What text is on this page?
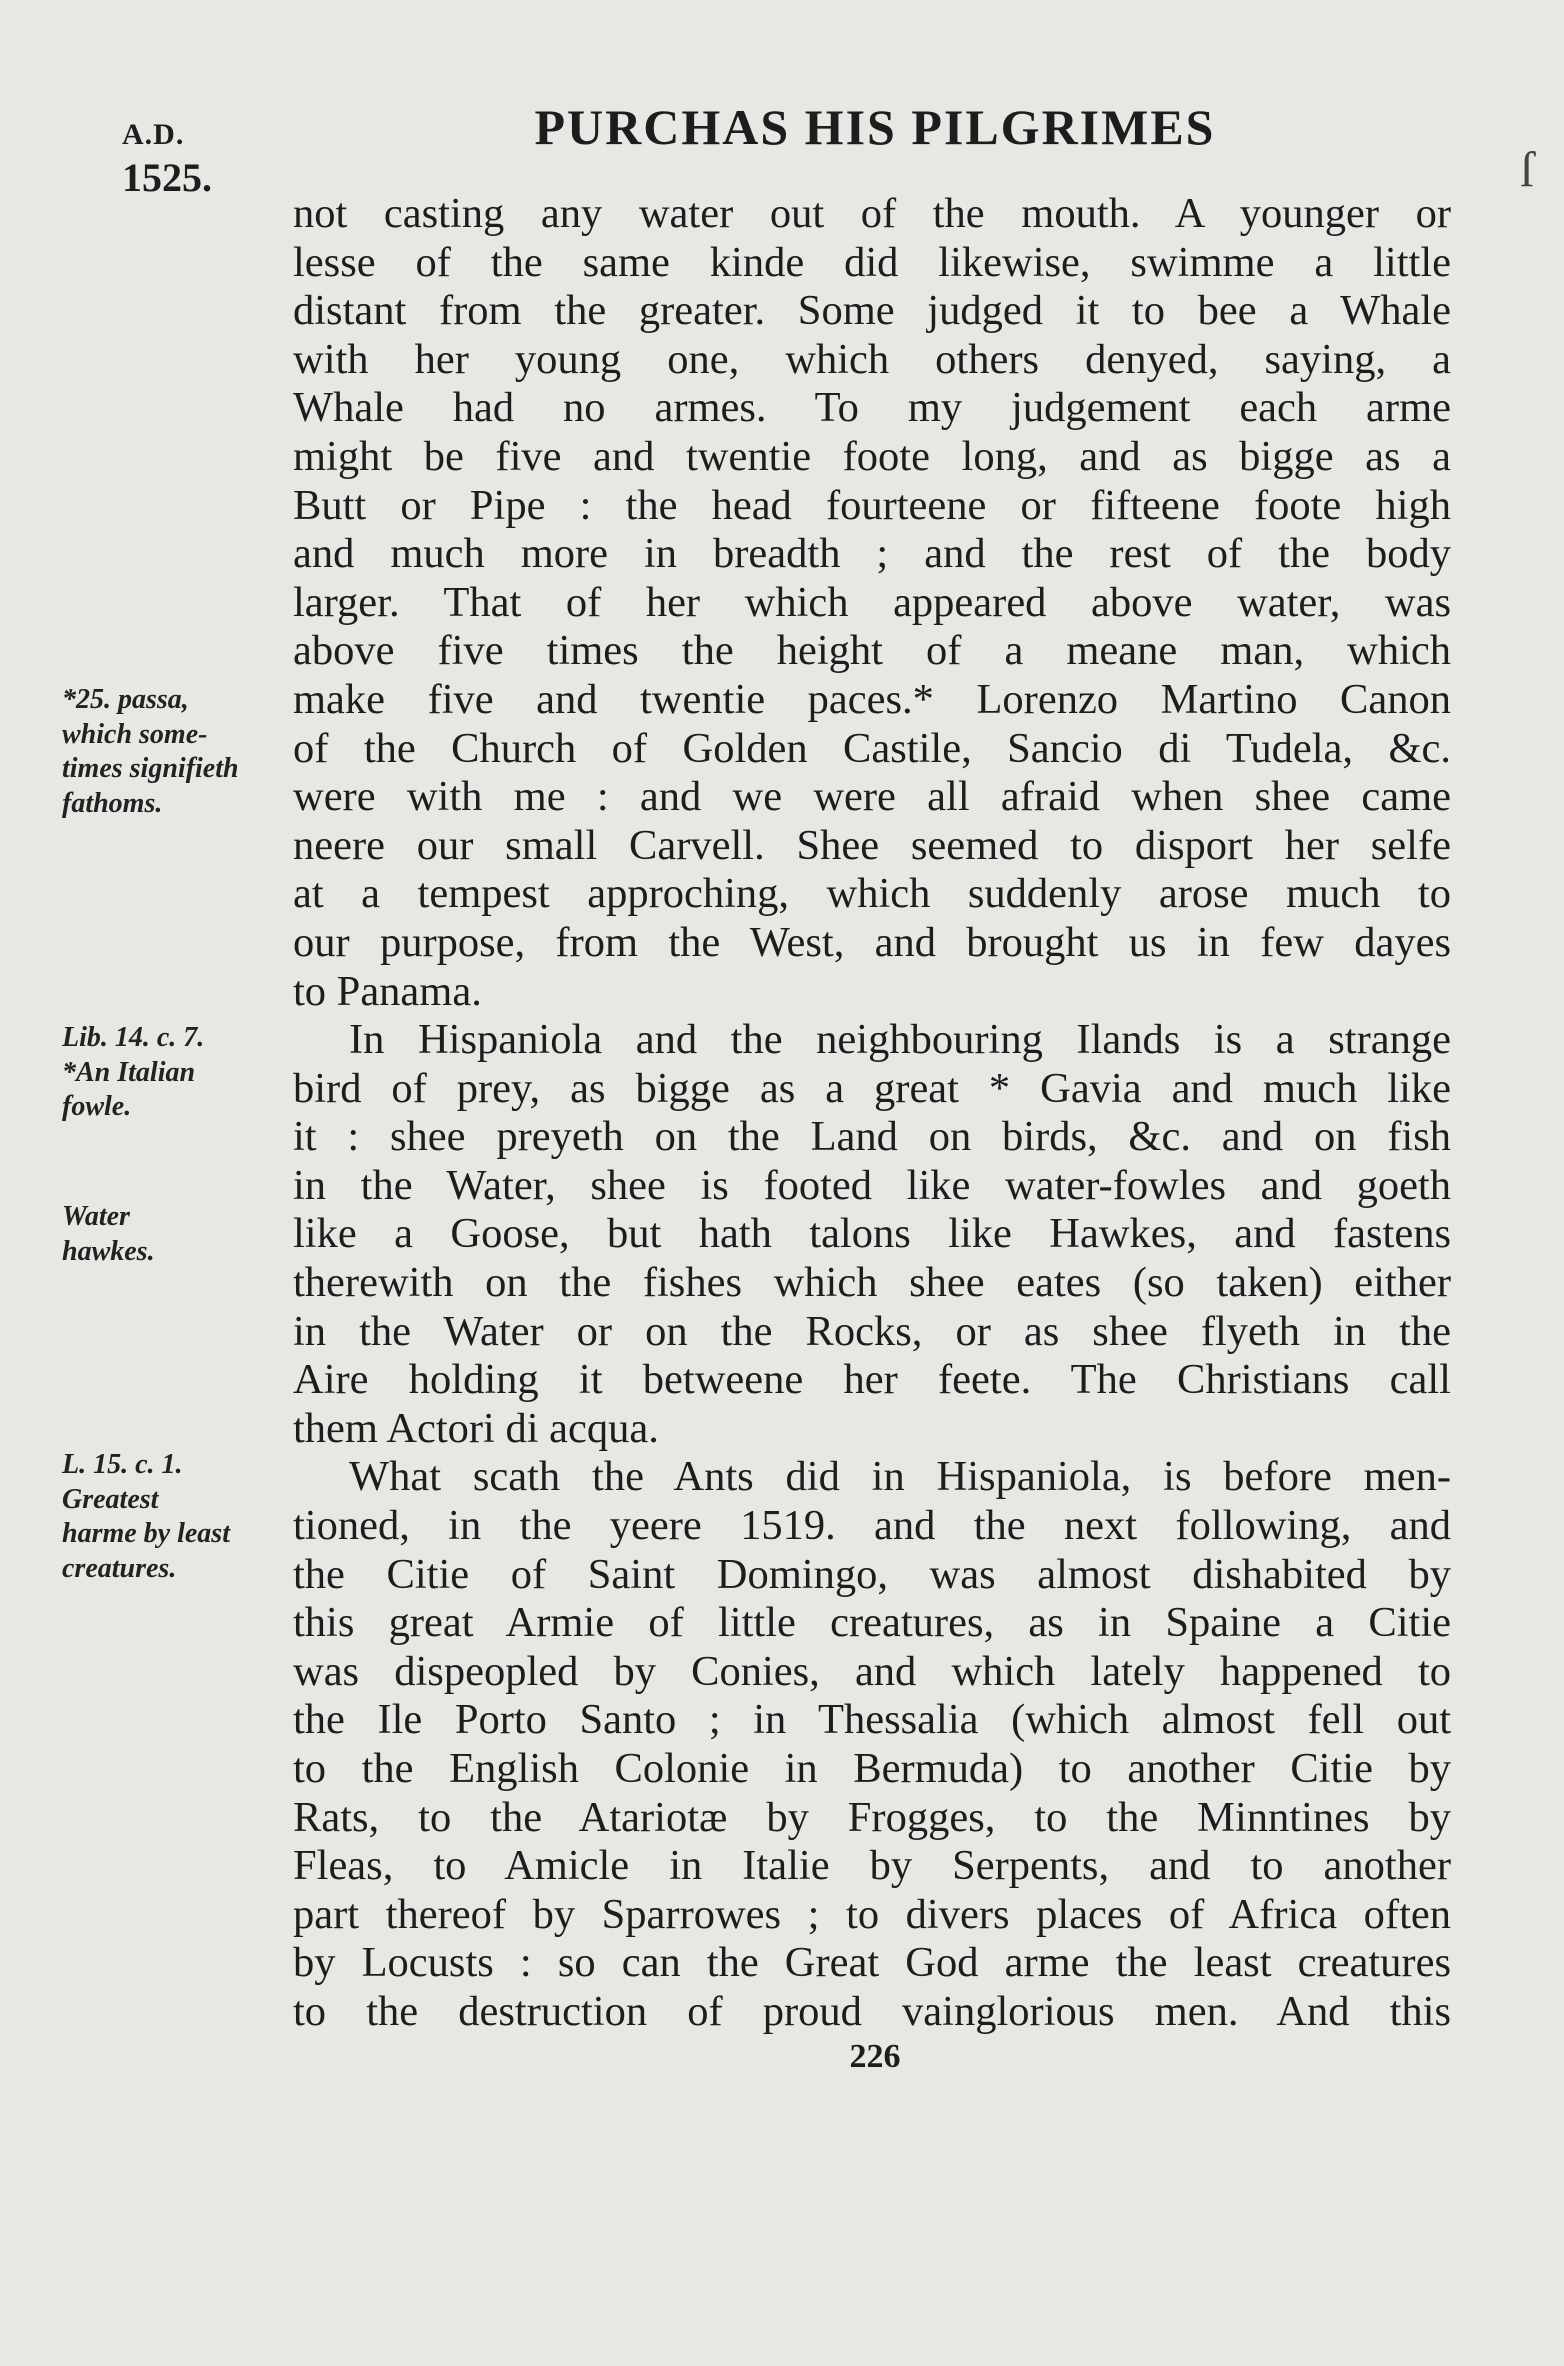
A.D.
1525.
PURCHAS HIS PILGRIMES
ſ
not casting any water out of the mouth. A younger or
lesse of the same kinde did likewise, swimme a little
distant from the greater. Some judged it to bee a Whale
with her young one, which others denyed, saying, a
Whale had no armes. To my judgement each arme
might be five and twentie foote long, and as bigge as a
Butt or Pipe : the head fourteene or fifteene foote high
and much more in breadth ; and the rest of the body
larger. That of her which appeared above water, was
above five times the height of a meane man, which
make five and twentie paces.* Lorenzo Martino Canon
of the Church of Golden Castile, Sancio di Tudela, &c.
were with me : and we were all afraid when shee came
neere our small Carvell. Shee seemed to disport her selfe
at a tempest approching, which suddenly arose much to
our purpose, from the West, and brought us in few dayes
to Panama.
In Hispaniola and the neighbouring Ilands is a strange
bird of prey, as bigge as a great * Gavia and much like
it : shee preyeth on the Land on birds, &c. and on fish
in the Water, shee is footed like water-fowles and goeth
like a Goose, but hath talons like Hawkes, and fastens
therewith on the fishes which shee eates (so taken) either
in the Water or on the Rocks, or as shee flyeth in the
Aire holding it betweene her feete. The Christians call
them Actori di acqua.
What scath the Ants did in Hispaniola, is before men-
tioned, in the yeere 1519. and the next following, and
the Citie of Saint Domingo, was almost dishabited by
this great Armie of little creatures, as in Spaine a Citie
was dispeopled by Conies, and which lately happened to
the Ile Porto Santo ; in Thessalia (which almost fell out
to the English Colonie in Bermuda) to another Citie by
Rats, to the Atariotæ by Frogges, to the Minntines by
Fleas, to Amicle in Italie by Serpents, and to another
part thereof by Sparrowes ; to divers places of Africa often
by Locusts : so can the Great God arme the least creatures
to the destruction of proud vainglorious men. And this
*25. passa,
which some-
times signifieth
fathoms.
Lib. 14. c. 7.
*An Italian
fowle.
Water
hawkes.
L. 15. c. 1.
Greatest
harme by least
creatures.
226
